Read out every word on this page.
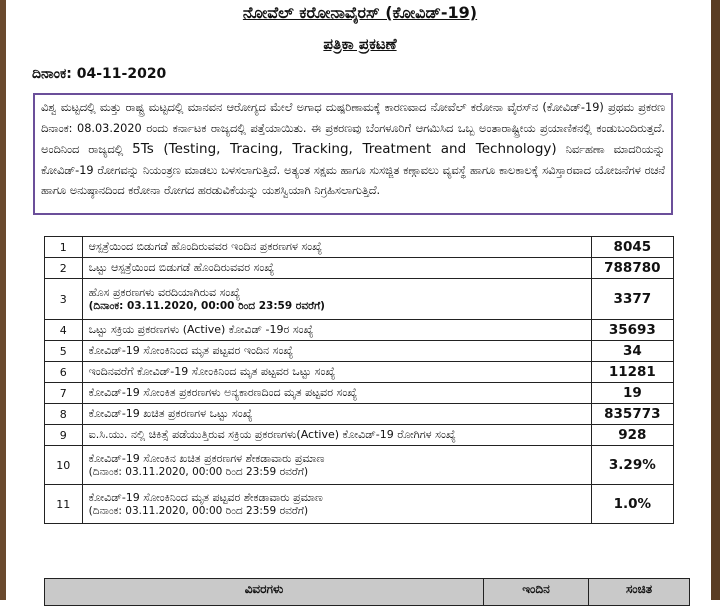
ನೋವೆಲ್ ಕರೋನಾವೈರಸ್ (ಕೋವಿಡ್-19)
ಪತ್ರಿಕಾ ಪ್ರಕಟಣೆ
ದಿನಾಂಕ: 04-11-2020
ವಿಶ್ವ ಮಟ್ಟದಲ್ಲಿ ಮತ್ತು ರಾಷ್ಟ್ರ ಮಟ್ಟದಲ್ಲಿ ಮಾನವನ ಆರೋಗ್ಯದ ಮೇಲೆ ಅಗಾಧ ದುಷ್ಪರಿಣಾಮಕ್ಕೆ ಕಾರಣವಾದ ನೋವೆಲ್ ಕರೋನಾ ವೈರಸ್‌ನ (ಕೋವಿಡ್-19) ಪ್ರಥಮ ಪ್ರಕರಣ ದಿನಾಂಕ: 08.03.2020 ರಂದು ಕರ್ನಾಟಕ ರಾಜ್ಯದಲ್ಲಿ ಪತ್ತೆಯಾಯಿತು. ಈ ಪ್ರಕರಣವು ಬೆಂಗಳೂರಿಗೆ ಆಗಮಿಸಿದ ಒಬ್ಬ ಅಂತಾರಾಷ್ಟ್ರೀಯ ಪ್ರಯಾಣಿಕನಲ್ಲಿ ಕಂಡುಬಂದಿರುತ್ತದೆ. ಅಂದಿನಿಂದ ರಾಜ್ಯದಲ್ಲಿ 5Ts (Testing, Tracing, Tracking, Treatment and Technology) ನಿರ್ವಹಣಾ ಮಾದರಿಯನ್ನು ಕೋವಿಡ್-19 ರೋಗವನ್ನು ನಿಯಂತ್ರಣ ಮಾಡಲು ಬಳಸಲಾಗುತ್ತಿದೆ. ಅತ್ಯಂತ ಸಕ್ಷಮ ಹಾಗೂ ಸುಸಜ್ಜಿತ ಕಣ್ಗಾವಲು ವ್ಯವಸ್ಥೆ ಹಾಗೂ ಕಾಲಕಾಲಕ್ಕೆ ಸವಿಸ್ತಾರವಾದ ಯೋಜನೆಗಳ ರಚನೆ ಹಾಗೂ ಅನುಷ್ಠಾನದಿಂದ ಕರೋನಾ ರೋಗದ ಹರಡುವಿಕೆಯನ್ನು ಯಶಸ್ವಿಯಾಗಿ ನಿಗ್ರಹಿಸಲಾಗುತ್ತಿದೆ.
1	ಆಸ್ಪತ್ರೆಯಿಂದ ಬಿಡುಗಡೆ ಹೊಂದಿರುವವರ ಇಂದಿನ ಪ್ರಕರಣಗಳ ಸಂಖ್ಯೆ	8045
2	ಒಟ್ಟು ಆಸ್ಪತ್ರೆಯಿಂದ ಬಿಡುಗಡೆ ಹೊಂದಿರುವವರ ಸಂಖ್ಯೆ	788780
3	ಹೊಸ ಪ್ರಕರಣಗಳು ವರದಿಯಾಗಿರುವ ಸಂಖ್ಯೆ
(ದಿನಾಂಕ: 03.11.2020, 00:00 ರಿಂದ 23:59 ರವರೆಗೆ)	3377
4	ಒಟ್ಟು ಸಕ್ರಿಯ ಪ್ರಕರಣಗಳು (Active) ಕೋವಿಡ್ -19ರ ಸಂಖ್ಯೆ	35693
5	ಕೋವಿಡ್-19 ಸೋಂಕಿನಿಂದ ಮೃತ ಪಟ್ಟವರ ಇಂದಿನ ಸಂಖ್ಯೆ	34
6	ಇಂದಿನವರೆಗೆ ಕೋವಿಡ್-19 ಸೋಂಕಿನಿಂದ ಮೃತ ಪಟ್ಟವರ ಒಟ್ಟು ಸಂಖ್ಯೆ	11281
7	ಕೋವಿಡ್-19 ಸೋಂಕಿತ ಪ್ರಕರಣಗಳು ಅನ್ಯಕಾರಣದಿಂದ ಮೃತ ಪಟ್ಟವರ ಸಂಖ್ಯೆ	19
8	ಕೋವಿಡ್-19 ಖಚಿತ ಪ್ರಕರಣಗಳ ಒಟ್ಟು ಸಂಖ್ಯೆ	835773
9	ಐ.ಸಿ.ಯು. ನಲ್ಲಿ ಚಿಕಿತ್ಸೆ ಪಡೆಯುತ್ತಿರುವ ಸಕ್ರಿಯ ಪ್ರಕರಣಗಳು(Active) ಕೋವಿಡ್-19 ರೋಗಿಗಳ ಸಂಖ್ಯೆ	928
10	ಕೋವಿಡ್-19 ಸೋಂಕಿನ ಖಚಿತ ಪ್ರಕರಣಗಳ ಶೇಕಡಾವಾರು ಪ್ರಮಾಣ
(ದಿನಾಂಕ: 03.11.2020, 00:00 ರಿಂದ 23:59 ರವರೆಗೆ)	3.29%
11	ಕೋವಿಡ್-19 ಸೋಂಕಿನಿಂದ ಮೃತ ಪಟ್ಟವರ ಶೇಕಡಾವಾರು ಪ್ರಮಾಣ
(ದಿನಾಂಕ: 03.11.2020, 00:00 ರಿಂದ 23:59 ರವರೆಗೆ)	1.0%
ವಿವರಗಳು	ಇಂದಿನ	ಸಂಚಿತ
